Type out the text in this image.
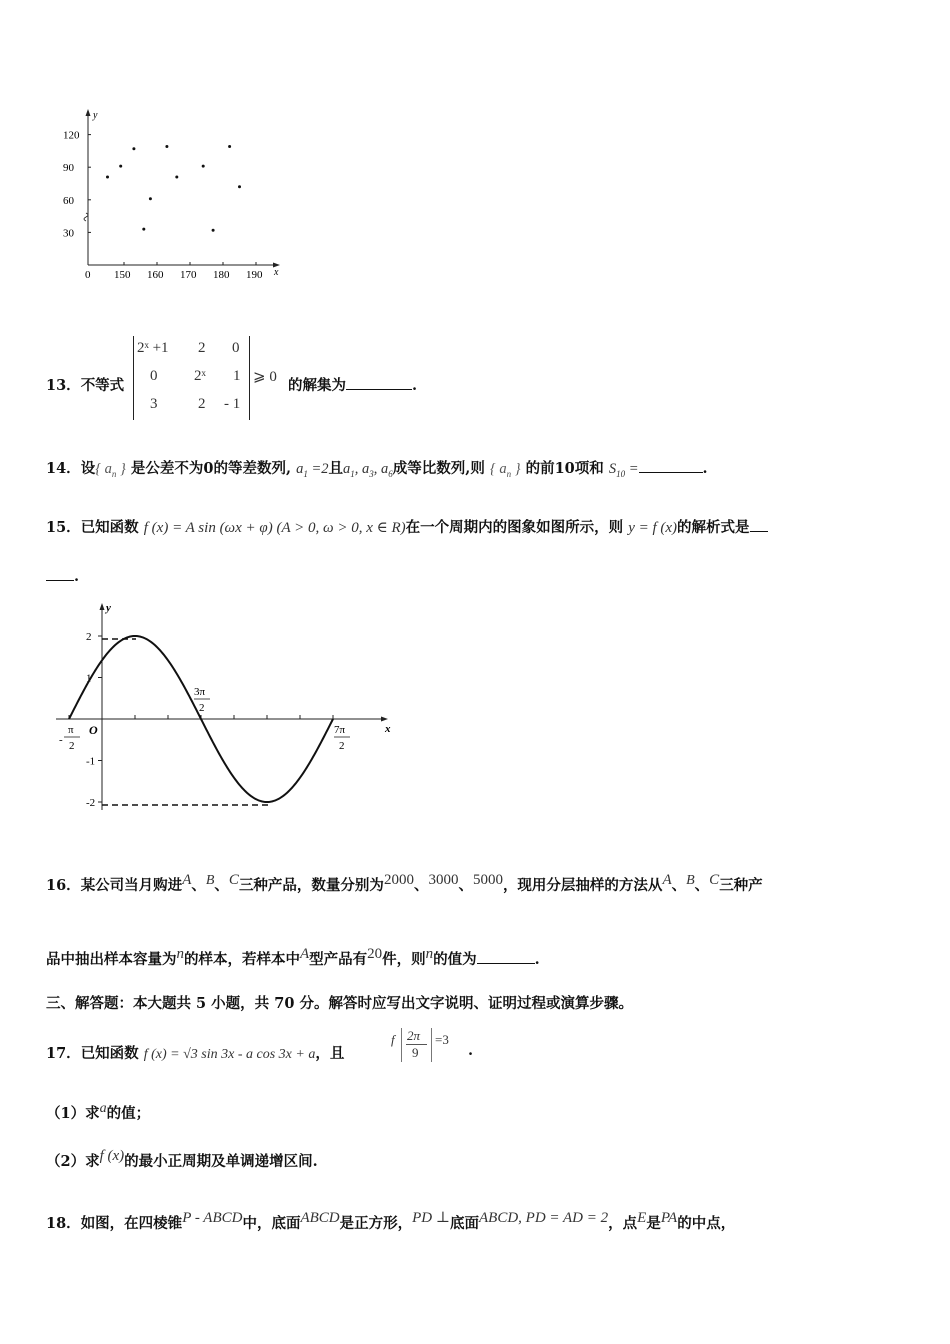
y
x
120
90
60
30
0 150 160 170 180 190
13．不等式
2ˣ +1 2 0
0 2ˣ 1
3	2 - 1
⩾ 0 的解集为	.
14．设{ $a_n$ } 是公差不为0的等差数列, $a_1 =2$且$a_1$, $a_3$, $a_6$成等比数列,则 { $a_n$ } 的前10项和 $S_{10}$ =	.
15．已知函数 f (x) = A sin (ωx + φ) (A > 0, ω > 0, x ∈ R)在一个周期内的图象如图所示，则 y = f (x)的解析式是
.
y
x
2
1
-1
-2
O
-
π
2
3π
2
7π
2
16．某公司当月购进$^A$、$^B$、$^C$三种产品，数量分别为$^{2000}$、$^{3000}$、$^{5000}$，现用分层抽样的方法从$^A$、$^B$、$^C$三种产
品中抽出样本容量为$^n$的样本，若样本中$^A$型产品有$^{20}$件，则$^n$的值为	.
三、解答题：本大题共 5 小题，共 70 分。解答时应写出文字说明、证明过程或演算步骤。
17．已知函数 f (x) = √3 sin 3x - a cos 3x + a，且
f 2π
9
=3
.
（1）求$^a$的值；
（2）求$^{f (x)}$的最小正周期及单调递增区间.
18．如图，在四棱锥$^{P - ABCD}$中，底面$^{ABCD}$是正方形，$^{PD \perp}$底面$^{ABCD, PD = AD = 2}$，点$^E$是$^{PA}$的中点，
